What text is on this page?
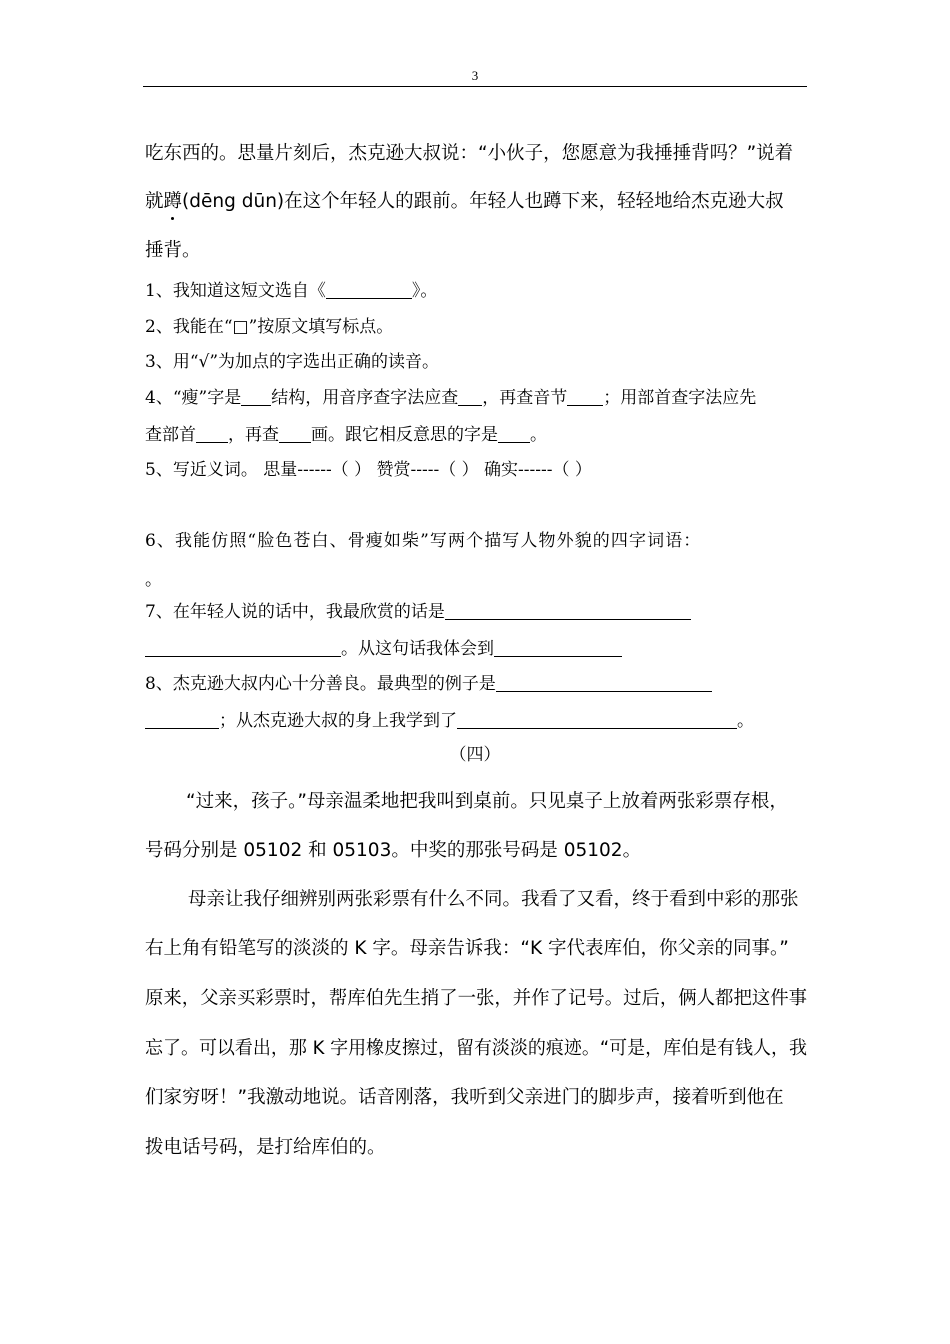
3
吃东西的。思量片刻后，杰克逊大叔说：“小伙子，您愿意为我捶捶背吗？”说着
就蹲(dēng dūn)在这个年轻人的跟前。年轻人也蹲下来，轻轻地给杰克逊大叔
捶背。
1、我知道这短文选自《	》。
2、我能在“□”按原文填写标点。
3、用“√”为加点的字选出正确的读音。
4、“瘦”字是 结构，用音序查字法应查 ，再查音节 ；用部首查字法应先
查部首 ，再查 画。跟它相反意思的字是 。
5、写近义词。 思量------（ ） 赞赏-----（ ） 确实------（ ）
6、我能仿照“脸色苍白、骨瘦如柴”写两个描写人物外貌的四字词语：
。
7、在年轻人说的话中，我最欣赏的话是
。从这句话我体会到
8、杰克逊大叔内心十分善良。最典型的例子是
；从杰克逊大叔的身上我学到了	。
（四）
“过来，孩子。”母亲温柔地把我叫到桌前。只见桌子上放着两张彩票存根，
号码分别是 05102 和 05103。中奖的那张号码是 05102。
母亲让我仔细辨别两张彩票有什么不同。我看了又看，终于看到中彩的那张
右上角有铅笔写的淡淡的 K 字。母亲告诉我：“K 字代表库伯，你父亲的同事。”
原来，父亲买彩票时，帮库伯先生捎了一张，并作了记号。过后，俩人都把这件事
忘了。可以看出，那 K 字用橡皮擦过，留有淡淡的痕迹。“可是，库伯是有钱人，我
们家穷呀！”我激动地说。话音刚落，我听到父亲进门的脚步声，接着听到他在
拨电话号码，是打给库伯的。
